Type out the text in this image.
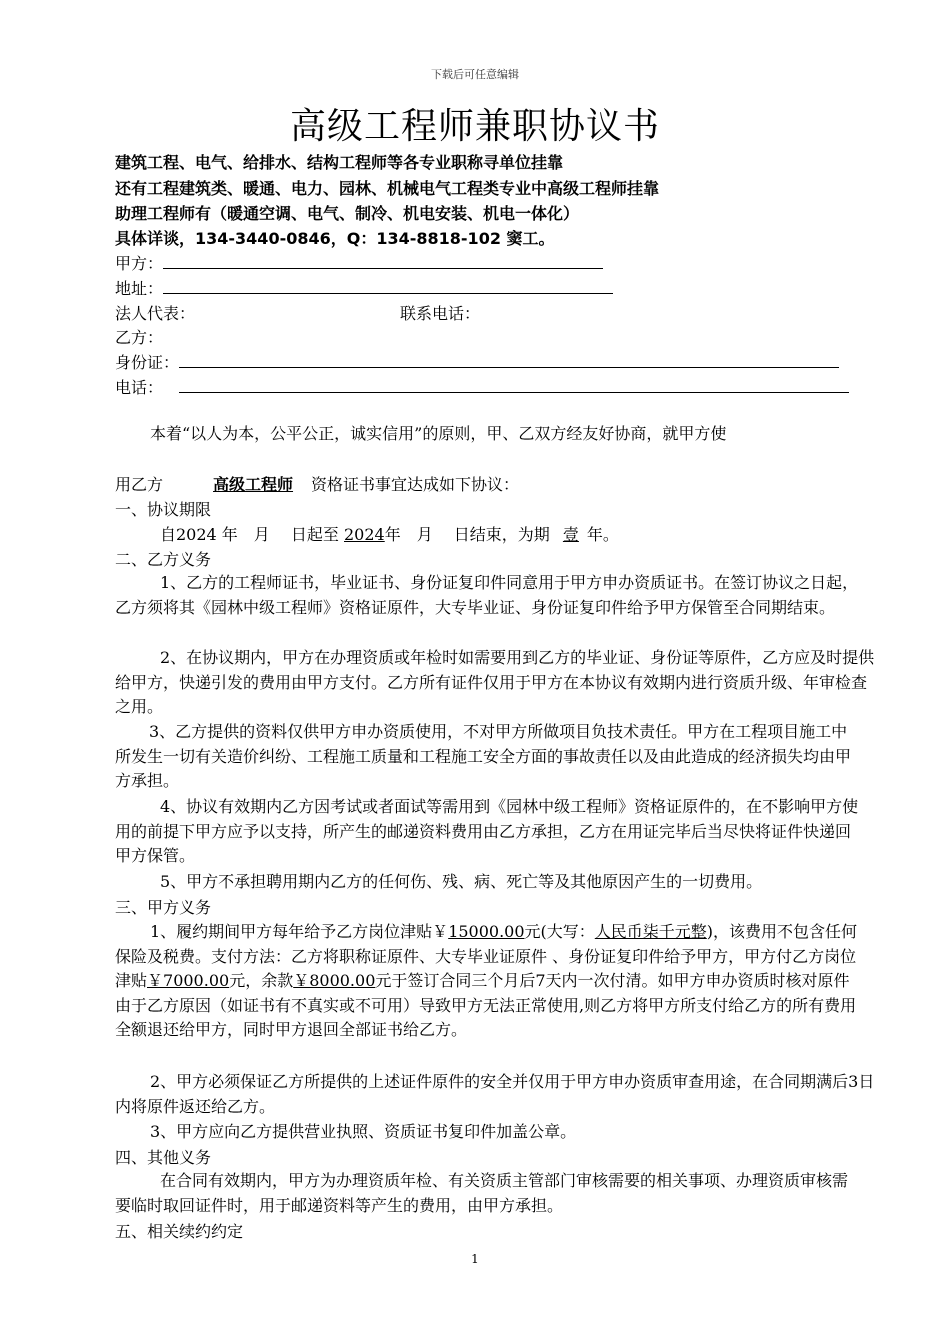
下载后可任意编辑
高级工程师兼职协议书
建筑工程、电气、给排水、结构工程师等各专业职称寻单位挂靠
还有工程建筑类、暖通、电力、园林、机械电气工程类专业中高级工程师挂靠
助理工程师有（暖通空调、电气、制冷、机电安装、机电一体化）
具体详谈，134-3440-0846，Q：134-8818-102 窦工。
甲方：
地址：
法人代表：	联系电话：
乙方：
身份证：
电话：
本着“以人为本，公平公正，诚实信用”的原则，甲、乙双方经友好协商，就甲方使
用乙方	高级工程师 资格证书事宜达成如下协议：
一、协议期限
自2024 年　月　 日起至 2024年　月　 日结束，为期 壹 年。
二、乙方义务
1、乙方的工程师证书，毕业证书、身份证复印件同意用于甲方申办资质证书。在签订协议之日起，乙方须将其《园林中级工程师》资格证原件，大专毕业证、身份证复印件给予甲方保管至合同期结束。
2、在协议期内，甲方在办理资质或年检时如需要用到乙方的毕业证、身份证等原件，乙方应及时提供给甲方，快递引发的费用由甲方支付。乙方所有证件仅用于甲方在本协议有效期内进行资质升级、年审检查之用。
3、乙方提供的资料仅供甲方申办资质使用，不对甲方所做项目负技术责任。甲方在工程项目施工中所发生一切有关造价纠纷、工程施工质量和工程施工安全方面的事故责任以及由此造成的经济损失均由甲方承担。
4、协议有效期内乙方因考试或者面试等需用到《园林中级工程师》资格证原件的，在不影响甲方使用的前提下甲方应予以支持，所产生的邮递资料费用由乙方承担，乙方在用证完毕后当尽快将证件快递回甲方保管。
5、甲方不承担聘用期内乙方的任何伤、残、病、死亡等及其他原因产生的一切费用。
三、甲方义务
1、履约期间甲方每年给予乙方岗位津贴￥15000.00元(大写：人民币柒千元整)，该费用不包含任何保险及税费。支付方法：乙方将职称证原件、大专毕业证原件 、身份证复印件给予甲方，甲方付乙方岗位津贴￥7000.00元，余款￥8000.00元于签订合同三个月后7天内一次付清。如甲方申办资质时核对原件由于乙方原因（如证书有不真实或不可用）导致甲方无法正常使用,则乙方将甲方所支付给乙方的所有费用全额退还给甲方，同时甲方退回全部证书给乙方。
2、甲方必须保证乙方所提供的上述证件原件的安全并仅用于甲方申办资质审查用途，在合同期满后3日内将原件返还给乙方。
3、甲方应向乙方提供营业执照、资质证书复印件加盖公章。
四、其他义务
在合同有效期内，甲方为办理资质年检、有关资质主管部门审核需要的相关事项、办理资质审核需要临时取回证件时，用于邮递资料等产生的费用，由甲方承担。
五、相关续约约定
1
